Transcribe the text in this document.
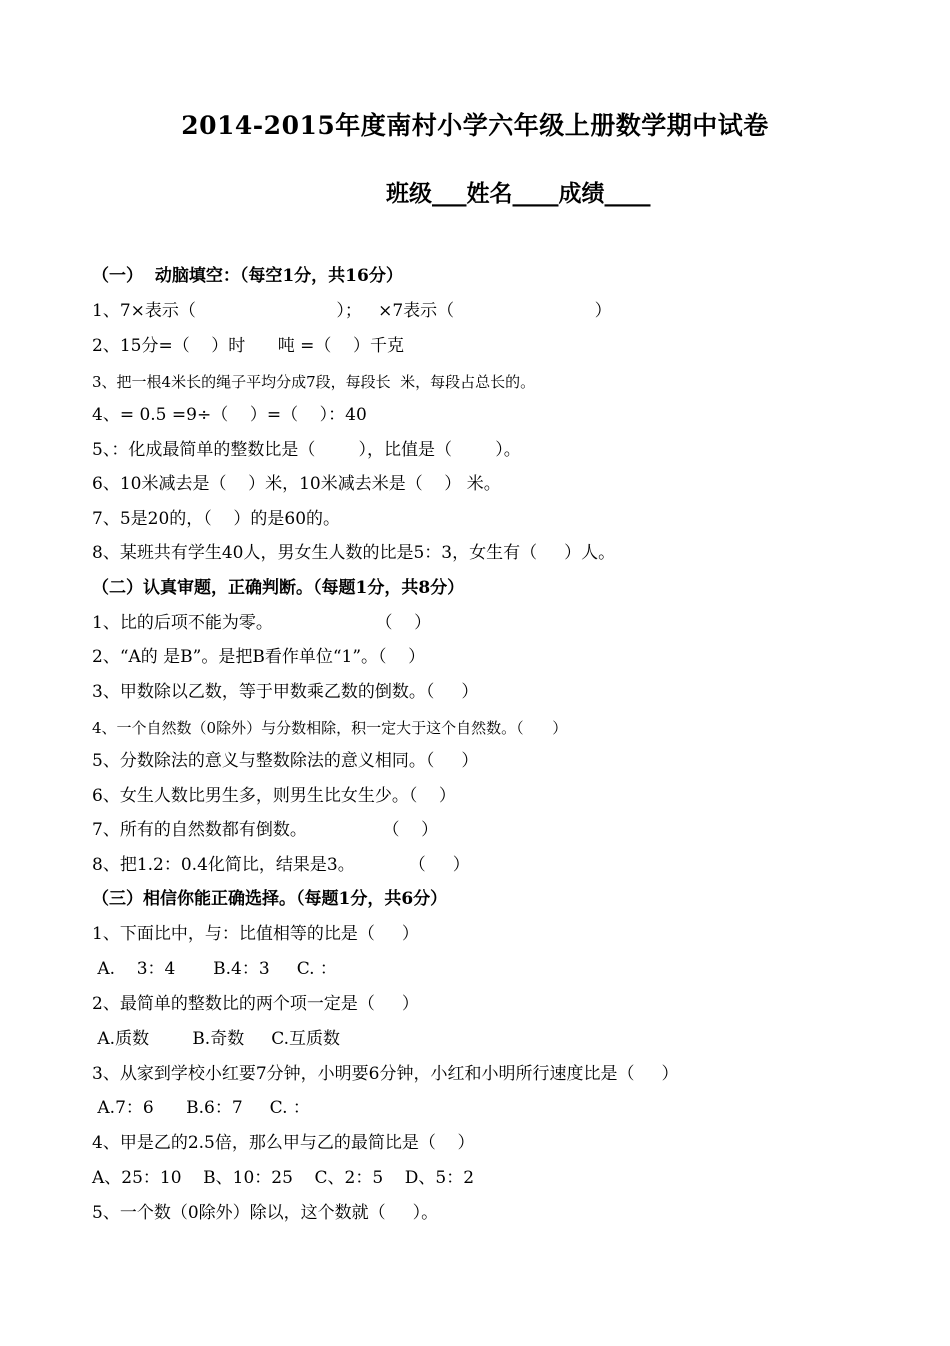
2014-2015年度南村小学六年级上册数学期中试卷
班级___姓名____成绩____
（一）  动脑填空：（每空1分，共16分）
1、7×表示（                          ）；   ×7表示（                          ）
2、15分=（    ）时      吨 =（    ）千克
3、把一根4米长的绳子平均分成7段，每段长  米，每段占总长的。
4、= 0.5 =9÷（    ）=（    ）：40
5、：化成最简单的整数比是（        ），比值是（        ）。
6、10米减去是（    ）米，10米减去米是（    ） 米。
7、5是20的，（    ）的是60的。
8、某班共有学生40人，男女生人数的比是5：3，女生有（     ）人。
（二）认真审题，正确判断。（每题1分，共8分）
1、比的后项不能为零。                   （    ）
2、“A的 是B”。是把B看作单位“1”。（    ）
3、甲数除以乙数，等于甲数乘乙数的倒数。（     ）
4、一个自然数（0除外）与分数相除，积一定大于这个自然数。（      ）
5、分数除法的意义与整数除法的意义相同。（     ）
6、女生人数比男生多，则男生比女生少。（    ）
7、所有的自然数都有倒数。              （    ）
8、把1.2：0.4化简比，结果是3。          （     ）
（三）相信你能正确选择。（每题1分，共6分）
1、下面比中，与：比值相等的比是（     ）
A.    3：4       B.4：3     C. ：
2、最简单的整数比的两个项一定是（     ）
A.质数        B.奇数     C.互质数
3、从家到学校小红要7分钟，小明要6分钟，小红和小明所行速度比是（     ）
A.7：6      B.6：7     C. ：
4、甲是乙的2.5倍，那么甲与乙的最简比是（    ）
A、25：10    B、10：25    C、2：5    D、5：2
5、一个数（0除外）除以，这个数就（     ）。
